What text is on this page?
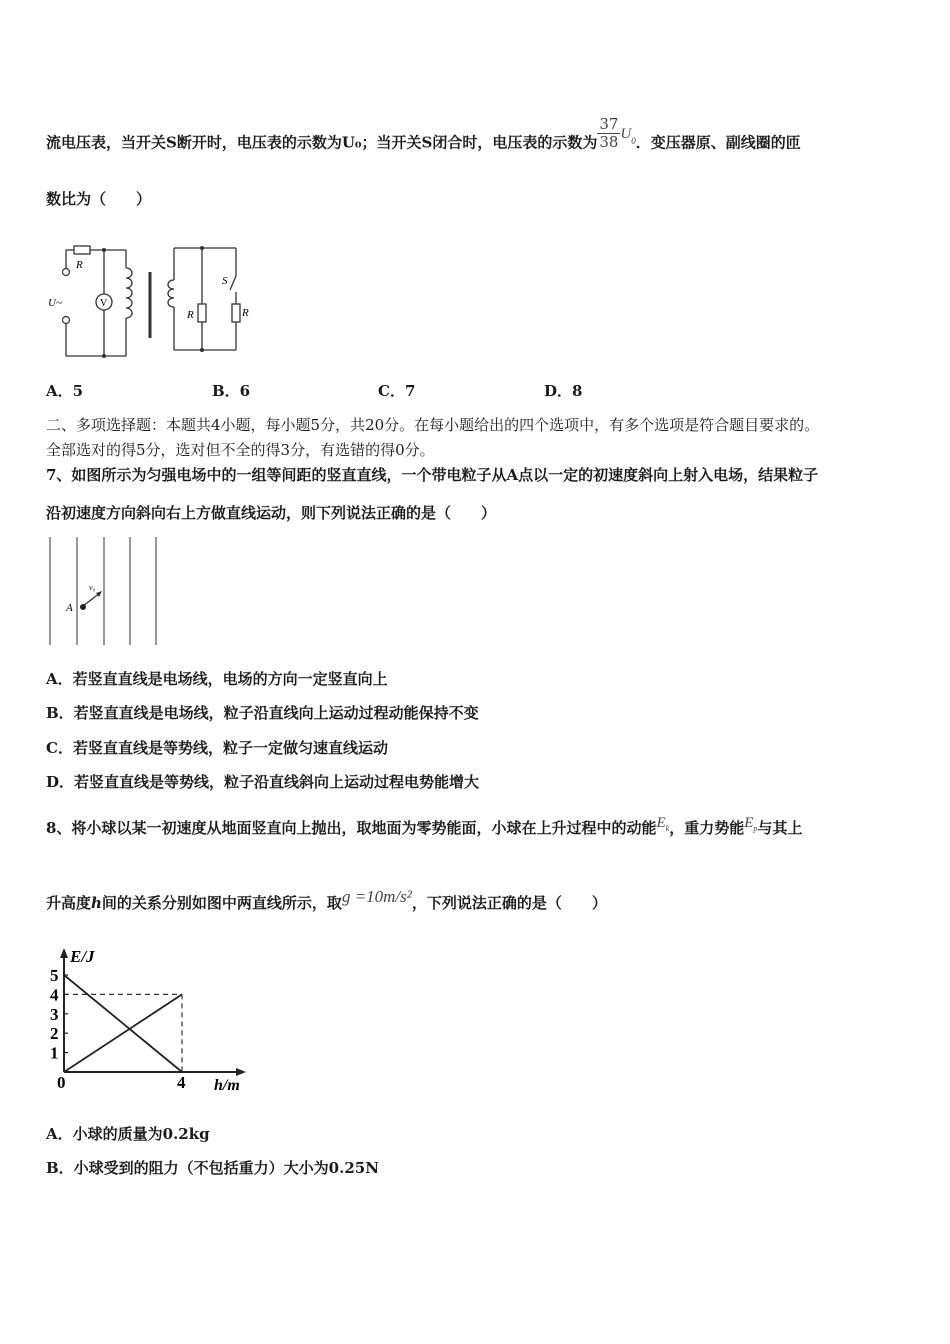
流电压表，当开关S断开时，电压表的示数为U₀；当开关S闭合时，电压表的示数为 $\frac{37}{38} U_0$．变压器原、副线圈的匝
数比为（　　）
R
U~	V
S
R	R
A．5	B．6	C．7	D．8
二、多项选择题：本题共4小题，每小题5分，共20分。在每小题给出的四个选项中，有多个选项是符合题目要求的。
全部选对的得5分，选对但不全的得3分，有选错的得0分。
7、如图所示为匀强电场中的一组等间距的竖直直线，一个带电粒子从A点以一定的初速度斜向上射入电场，结果粒子
沿初速度方向斜向右上方做直线运动，则下列说法正确的是（　　）
A
v₀
A．若竖直直线是电场线，电场的方向一定竖直向上
B．若竖直直线是电场线，粒子沿直线向上运动过程动能保持不变
C．若竖直直线是等势线，粒子一定做匀速直线运动
D．若竖直直线是等势线，粒子沿直线斜向上运动过程电势能增大
8、将小球以某一初速度从地面竖直向上抛出，取地面为零势能面，小球在上升过程中的动能$E_k$，重力势能$E_p$与其上
升高度h间的关系分别如图中两直线所示，取g =10m/s²，下列说法正确的是（　　）
E/J
h/m
5
4
3
2
1
0	4
A．小球的质量为0.2kg
B．小球受到的阻力（不包括重力）大小为0.25N
